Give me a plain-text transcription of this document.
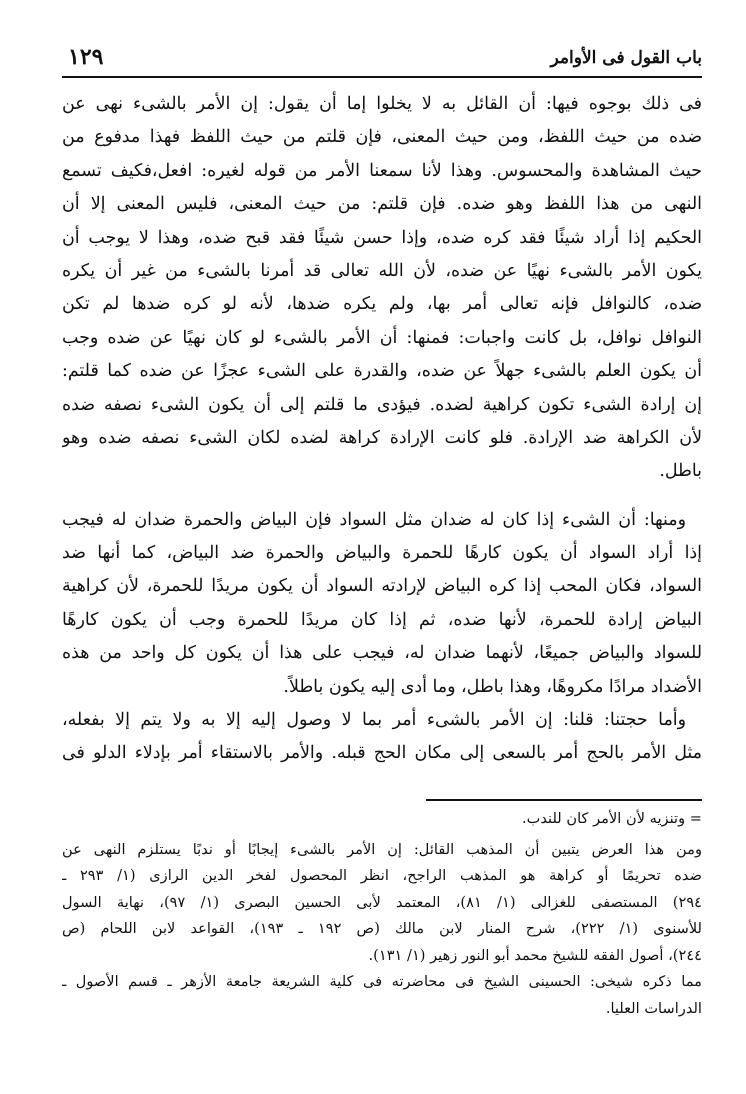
باب القول فى الأوامر
١٢٩
فى ذلك بوجوه فيها: أن القائل به لا يخلوا إما أن يقول: إن الأمر بالشىء نهى عن
ضده من حيث اللفظ، ومن حيث المعنى، فإن قلتم من حيث اللفظ فهذا مدفوع من
حيث المشاهدة والمحسوس. وهذا لأنا سمعنا الأمر من قوله لغيره: افعل،فكيف تسمع
النهى من هذا اللفظ وهو ضده. فإن قلتم: من حيث المعنى، فليس المعنى إلا أن
الحكيم إذا أراد شيئًا فقد كره ضده، وإذا حسن شيئًا فقد قبح ضده، وهذا لا يوجب أن
يكون الأمر بالشىء نهيًا عن ضده، لأن الله تعالى قد أمرنا بالشىء من غير أن يكره
ضده، كالنوافل فإنه تعالى أمر بها، ولم يكره ضدها، لأنه لو كره ضدها لم تكن
النوافل نوافل، بل كانت واجبات: فمنها: أن الأمر بالشىء لو كان نهيًا عن ضده وجب
أن يكون العلم بالشىء جهلاً عن ضده، والقدرة على الشىء عجزًا عن ضده كما قلتم:
إن إرادة الشىء تكون كراهية لضده. فيؤدى ما قلتم إلى أن يكون الشىء نصفه ضده
لأن الكراهة ضد الإرادة. فلو كانت الإرادة كراهة لضده لكان الشىء نصفه ضده وهو
باطل.
ومنها: أن الشىء إذا كان له ضدان مثل السواد فإن البياض والحمرة ضدان له فيجب
إذا أراد السواد أن يكون كارهًا للحمرة والبياض والحمرة ضد البياض، كما أنها ضد
السواد، فكان المحب إذا كره البياض لإرادته السواد أن يكون مريدًا للحمرة، لأن كراهية
البياض إرادة للحمرة، لأنها ضده، ثم إذا كان مريدًا للحمرة وجب أن يكون كارهًا
للسواد والبياض جميعًا، لأنهما ضدان له، فيجب على هذا أن يكون كل واحد من هذه
الأضداد مرادًا مكروهًا، وهذا باطل، وما أدى إليه يكون باطلاً.
وأما حجتنا: قلنا: إن الأمر بالشىء أمر بما لا وصول إليه إلا به ولا يتم إلا بفعله،
مثل الأمر بالحج أمر بالسعى إلى مكان الحج قبله. والأمر بالاستقاء أمر بإدلاء الدلو فى
= وتنزيه لأن الأمر كان للندب.
ومن هذا العرض يتبين أن المذهب القائل: إن الأمر بالشىء إيجابًا أو ندبًا يستلزم النهى عن
ضده تحريمًا أو كراهة هو المذهب الراجح، انظر المحصول لفخر الدين الرازى (١/ ٢٩٣ ـ
٢٩٤) المستصفى للغزالى (١/ ٨١)، المعتمد لأبى الحسين البصرى (١/ ٩٧)، نهاية السول
للأسنوى (١/ ٢٢٢)، شرح المنار لابن مالك (ص ١٩٢ ـ ١٩٣)، القواعد لابن اللحام (ص
٢٤٤)، أصول الفقه للشيخ محمد أبو النور زهير (١/ ١٣١).
مما ذكره شيخى: الحسينى الشيخ فى محاضرته فى كلية الشريعة جامعة الأزهر ـ قسم الأصول ـ
الدراسات العليا.
